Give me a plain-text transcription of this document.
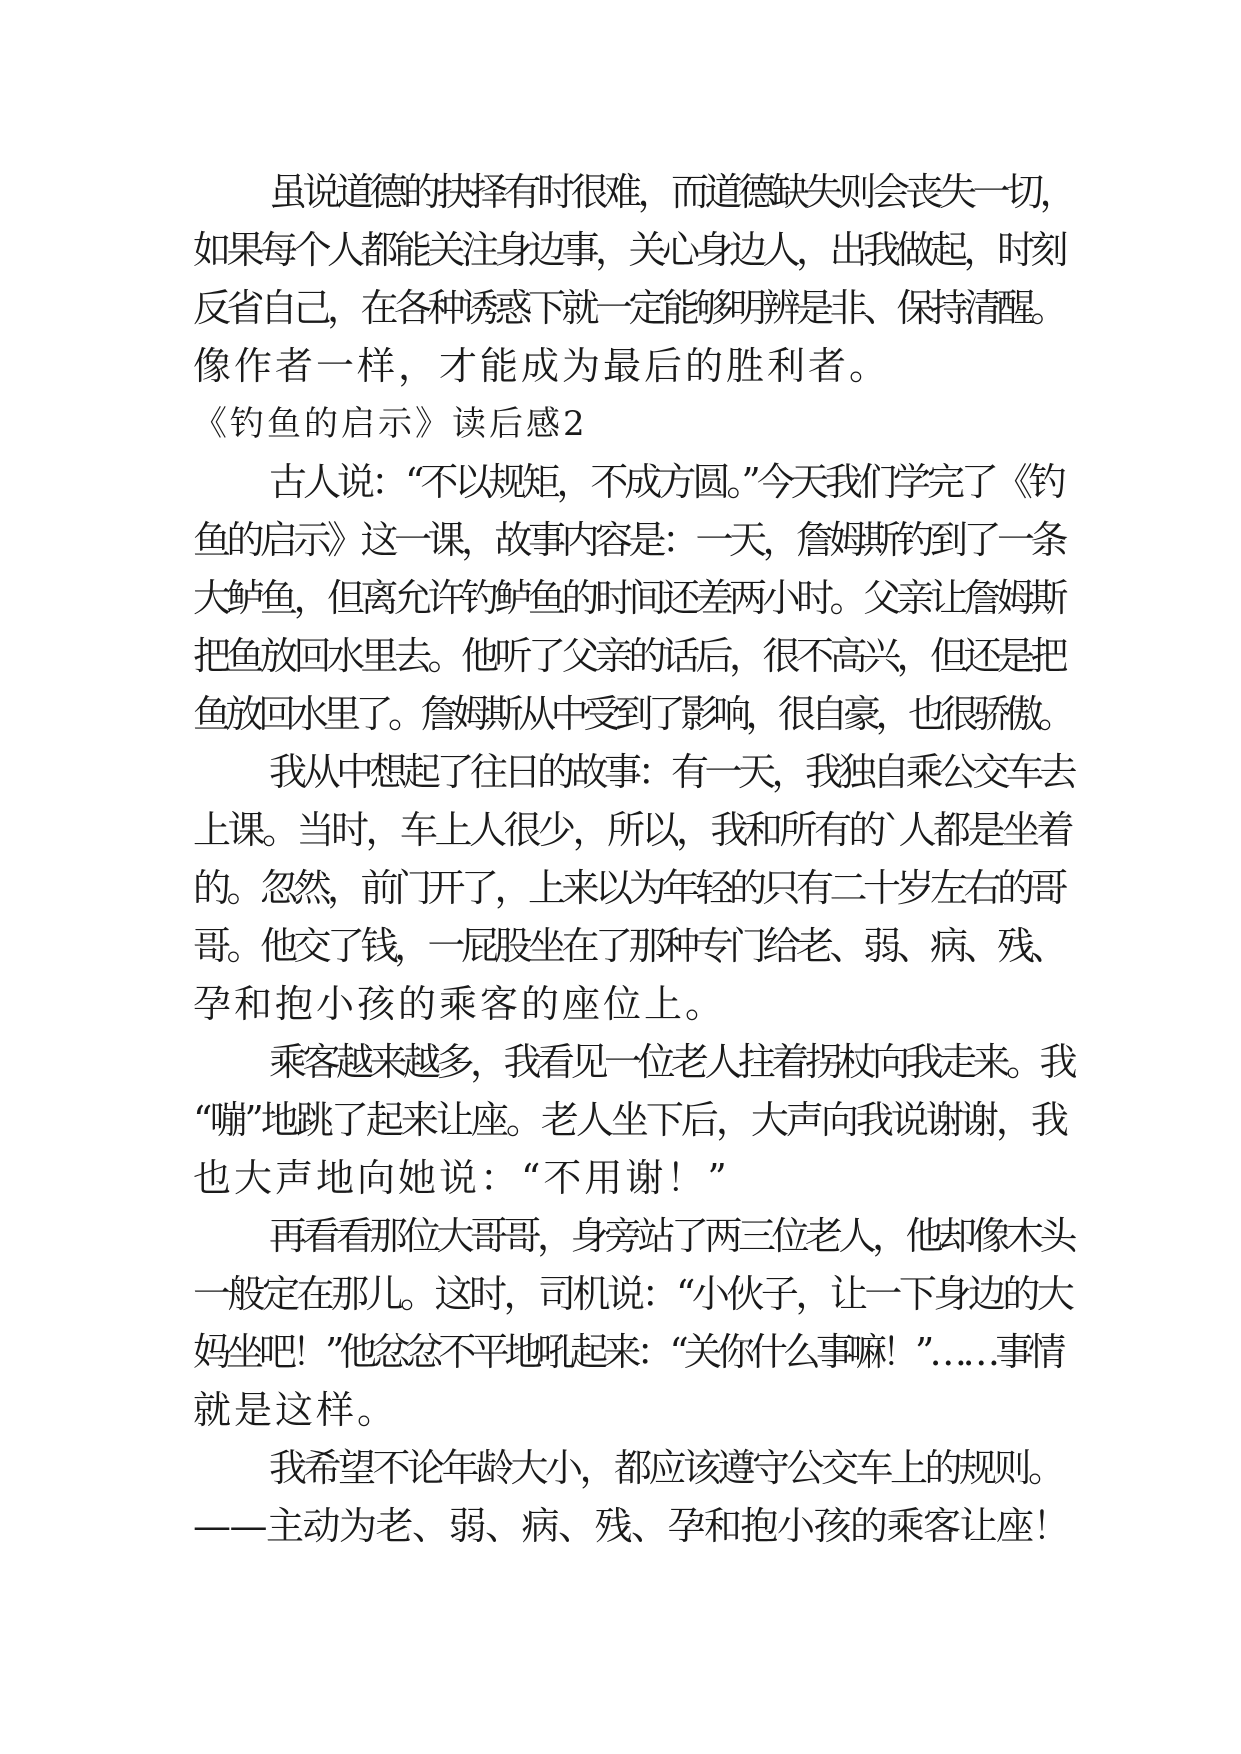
虽说道德的抉择有时很难，而道德缺失则会丧失一切，
如果每个人都能关注身边事，关心身边人，出我做起，时刻
反省自己，在各种诱惑下就一定能够明辨是非、保持清醒。
像作者一样，才能成为最后的胜利者。
《钓鱼的启示》读后感2
古人说：“不以规矩，不成方圆。”今天我们学完了《钓
鱼的启示》这一课，故事内容是：一天，詹姆斯钓到了一条
大鲈鱼，但离允许钓鲈鱼的时间还差两小时。父亲让詹姆斯
把鱼放回水里去。他听了父亲的话后，很不高兴，但还是把
鱼放回水里了。詹姆斯从中受到了影响，很自豪，也很骄傲。
我从中想起了往日的故事：有一天，我独自乘公交车去
上课。当时，车上人很少，所以，我和所有的`人都是坐着
的。忽然，前门开了，上来以为年轻的只有二十岁左右的哥
哥。他交了钱，一屁股坐在了那种专门给老、弱、病、残、
孕和抱小孩的乘客的座位上。
乘客越来越多，我看见一位老人拄着拐杖向我走来。我
“嘣”地跳了起来让座。老人坐下后，大声向我说谢谢，我
也大声地向她说：“不用谢！”
再看看那位大哥哥，身旁站了两三位老人，他却像木头
一般定在那儿。这时，司机说：“小伙子，让一下身边的大
妈坐吧！”他忿忿不平地吼起来：“关你什么事嘛！”……事情
就是这样。
我希望不论年龄大小，都应该遵守公交车上的规则。
——主动为老、弱、病、残、孕和抱小孩的乘客让座！
